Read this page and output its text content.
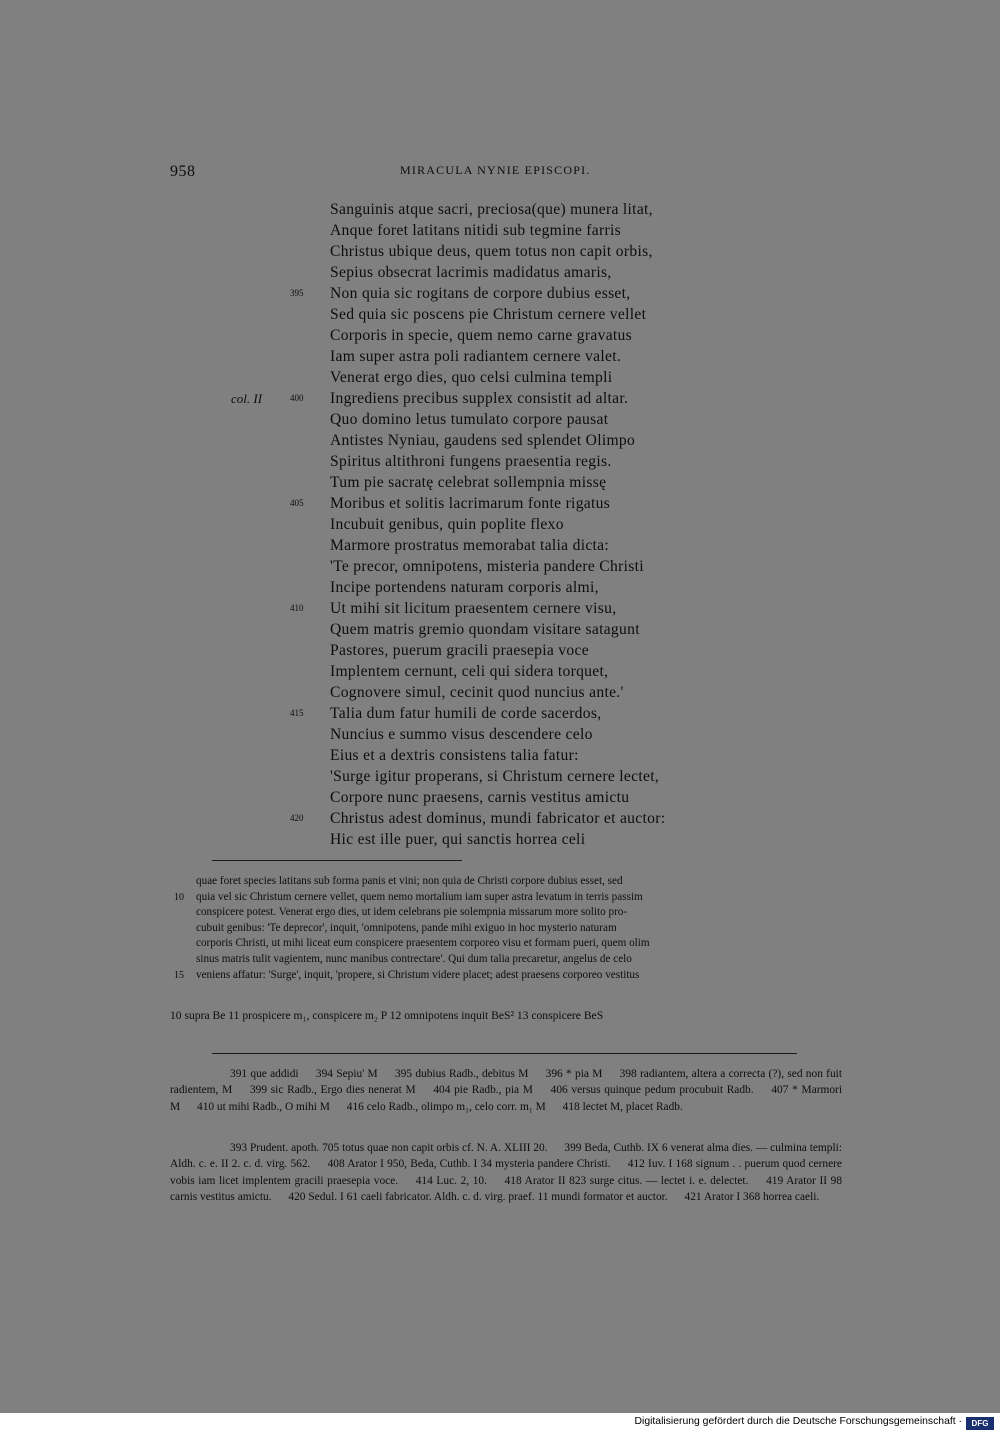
958	MIRACULA NYNIE EPISCOPI.
Sanguinis atque sacri, preciosa(que) munera litat,
Anque foret latitans nitidi sub tegmine farris
Christus ubique deus, quem totus non capit orbis,
Sepius obsecrat lacrimis madidatus amaris,
395 Non quia sic rogitans de corpore dubius esset,
Sed quia sic poscens pie Christum cernere vellet
Corporis in specie, quem nemo carne gravatus
Iam super astra poli radiantem cernere valet.
Venerat ergo dies, quo celsi culmina templi
col. II	400 Ingrediens precibus supplex consistit ad altar.
Quo domino letus tumulato corpore pausat
Antistes Nyniau, gaudens sed splendet Olimpo
Spiritus altithroni fungens praesentia regis.
Tum pie sacratę celebrat sollempnia missę
405 Moribus et solitis lacrimarum fonte rigatus
Incubuit genibus, quin poplite flexo
Marmore prostratus memorabat talia dicta:
'Te precor, omnipotens, misteria pandere Christi
Incipe portendens naturam corporis almi,
410 Ut mihi sit licitum praesentem cernere visu,
Quem matris gremio quondam visitare satagunt
Pastores, puerum gracili praesepia voce
Implentem cernunt, celi qui sidera torquet,
Cognovere simul, cecinit quod nuncius ante.'
415 Talia dum fatur humili de corde sacerdos,
Nuncius e summo visus descendere celo
Eius et a dextris consistens talia fatur:
'Surge igitur properans, si Christum cernere lectet,
Corpore nunc praesens, carnis vestitus amictu
420 Christus adest dominus, mundi fabricator et auctor:
Hic est ille puer, qui sanctis horrea celi
quae foret species latitans sub forma panis et vini; non quia de Christi corpore dubius esset, sed
10 quia vel sic Christum cernere vellet, quem nemo mortalium iam super astra levatum in terris passim
conspicere potest. Venerat ergo dies, ut idem celebrans pie solempnia missarum more solito pro-
cubuit genibus: 'Te deprecor', inquit, 'omnipotens, pande mihi exiguo in hoc mysterio naturam
corporis Christi, ut mihi liceat eum conspicere praesentem corporeo visu et formam pueri, quem olim
sinus matris tulit vagientem, nunc manibus contrectare'. Qui dum talia precaretur, angelus de celo
15 veniens affatur: 'Surge', inquit, 'propere, si Christum videre placet; adest praesens corporeo vestitus
10 supra Be 11 prospicere m₁, conspicere m₂ P 12 omnipotens inquit BeS² 13 conspicere BeS

391 que addidi 394 Sepiu' M 395 dubius Radb., debitus M 396 * pia M 398 radiantem, altera a correcta (?), sed non fuit radientem, M 399 sic Radb., Ergo dies nenerat M 404 pie Radb., pia M 406 versus quinque pedum procubuit Radb. 407 * Marmori M 410 ut mihi Radb., O mihi M 416 celo Radb., olimpo m₁, celo corr. m₁ M 418 lectet M, placet Radb.

393 Prudent. apoth. 705 totus quae non capit orbis cf. N. A. XLIII 20. 399 Beda, Cuthb. IX 6 venerat alma dies. — culmina templi: Aldh. c. e. II 2. c. d. virg. 562. 408 Arator I 950, Beda, Cuthb. I 34 mysteria pandere Christi. 412 Iuv. I 168 signum . . puerum quod cernere vobis iam licet implentem gracili praesepia voce. 414 Luc. 2, 10. 418 Arator II 823 surge citus. — lectet i. e. delectet. 419 Arator II 98 carnis vestitus amictu. 420 Sedul. I 61 caeli fabricator. Aldh. c. d. virg. praef. 11 mundi formator et auctor. 421 Arator I 368 horrea caeli.

Digitalisierung gefördert durch die Deutsche Forschungsgemeinschaft ·	DFG
